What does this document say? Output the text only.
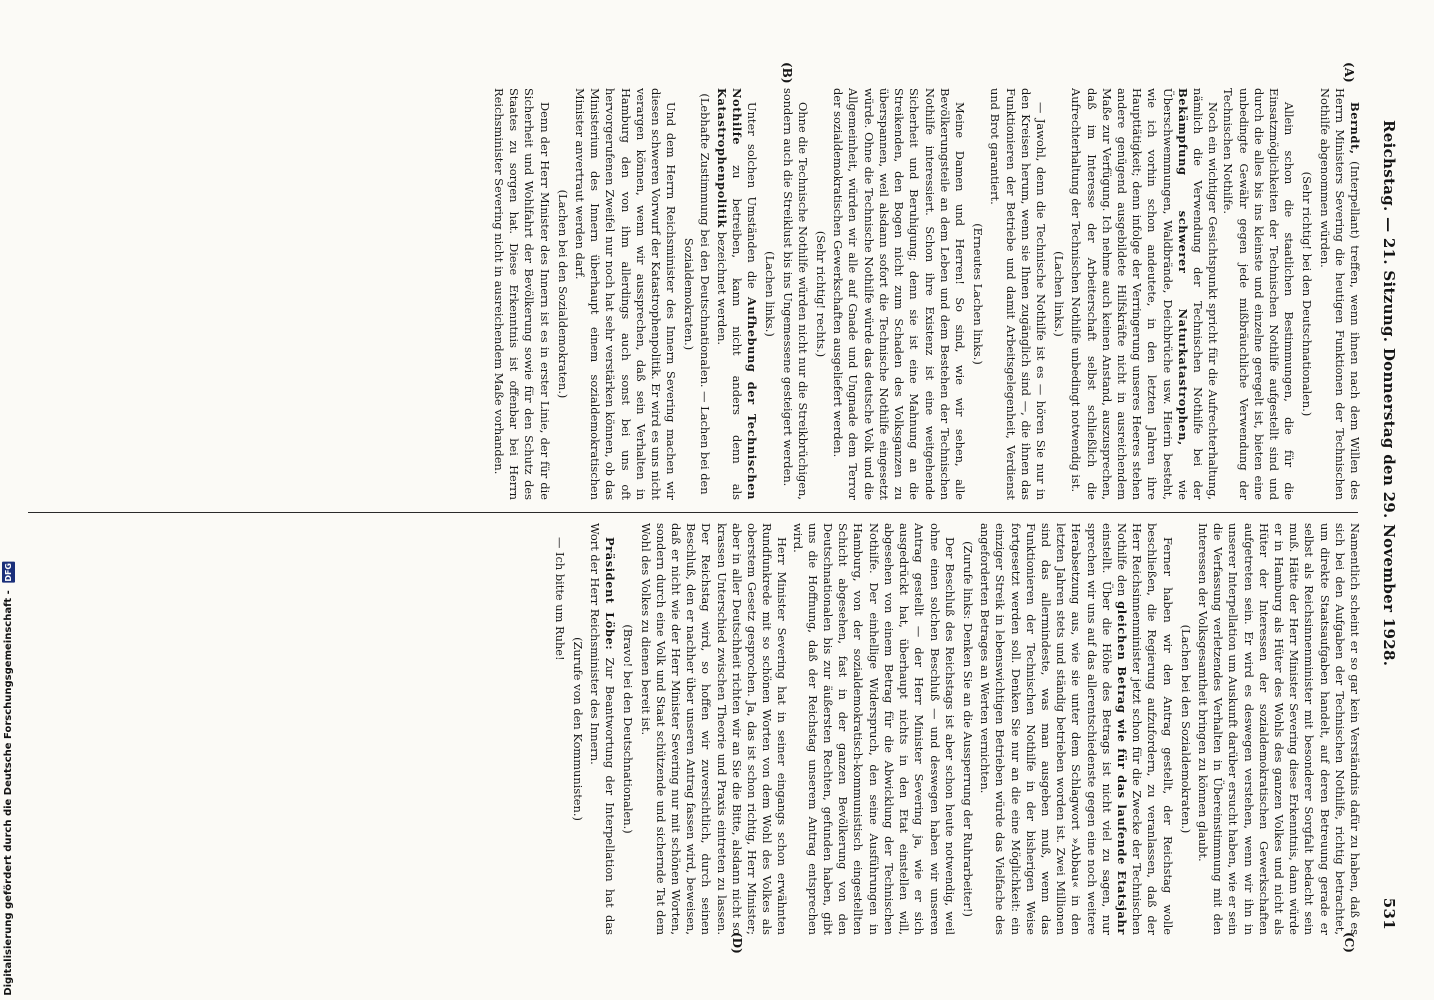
Reichstag. — 21. Sitzung. Donnerstag den 29. November 1928.
531
(A)
(B)
(C)
(D)

Berndt, (Interpellant) treffen, wenn ihnen nach dem Willen des Herrn Ministers Severing die heutigen Funktionen der Technischen Nothilfe abgenommen würden.

(Sehr richtig! bei den Deutschnationalen.)

Allein schon die staatlichen Bestimmungen, die für die Einsatzmöglichkeiten der Technischen Nothilfe aufgestellt sind und durch die alles bis ins kleinste und einzelne geregelt ist, bieten eine unbedingte Gewähr gegen jede mißbräuchliche Verwendung der Technischen Nothilfe.

Noch ein wichtiger Gesichtspunkt spricht für die Aufrechterhaltung, nämlich die Verwendung der Technischen Nothilfe bei der Bekämpfung schwerer Naturkatastrophen, wie Überschwemmungen, Waldbrände, Deichbrüche usw. Hierin besteht, wie ich vorhin schon andeutete, in den letzten Jahren ihre Haupttätigkeit; denn infolge der Verringerung unseres Heeres stehen andere genügend ausgebildete Hilfskräfte nicht in ausreichendem Maße zur Verfügung. Ich nehme auch keinen Anstand, auszusprechen, daß im Interesse der Arbeiterschaft selbst schließlich die Aufrechterhaltung der Technischen Nothilfe unbedingt notwendig ist.

(Lachen links.)

— Jawohl, denn die Technische Nothilfe ist es — hören Sie nur in den Kreisen herum, wenn sie Ihnen zugänglich sind —, die ihnen das Funktionieren der Betriebe und damit Arbeitsgelegenheit, Verdienst und Brot garantiert.

(Erneutes Lachen links.)

Meine Damen und Herren! So sind, wie wir sehen, alle Bevölkerungsteile an dem Leben und dem Bestehen der Technischen Nothilfe interessiert. Schon ihre Existenz ist eine weitgehende Sicherheit und Beruhigung; denn sie ist eine Mahnung an die Streikenden, den Bogen nicht zum Schaden des Volksganzen zu überspannen, weil alsdann sofort die Technische Nothilfe eingesetzt würde. Ohne die Technische Nothilfe würde das deutsche Volk und die Allgemeinheit, würden wir alle auf Gnade und Ungnade dem Terror der sozialdemokratischen Gewerkschaften ausgeliefert werden.

(Sehr richtig! rechts.)

Ohne die Technische Nothilfe würden nicht nur die Streikbrüchigen, sondern auch die Streiklust bis ins Ungemessene gesteigert werden.

(Lachen links.)

Unter solchen Umständen die Aufhebung der Technischen Nothilfe zu betreiben, kann nicht anders denn als Katastrophenpolitik bezeichnet werden.

(Lebhafte Zustimmung bei den Deutschnationalen. — Lachen bei den Sozialdemokraten.)

Und dem Herrn Reichsminister des Innern Severing machen wir diesen schweren Vorwurf der Katastrophenpolitik. Er wird es uns nicht verargen können, wenn wir aussprechen, daß sein Verhalten in Hamburg den von ihm allerdings auch sonst bei uns oft hervorgerufenen Zweifel nur noch hat sehr verstärken können, ob das Ministerium des Innern überhaupt einem sozialdemokratischen Minister anvertraut werden darf.

(Lachen bei den Sozialdemokraten.)

Denn der Herr Minister des Innern ist es in erster Linie, der für die Sicherheit und Wohlfahrt der Bevölkerung sowie für den Schutz des Staates zu sorgen hat. Diese Erkenntnis ist offenbar bei Herrn Reichsminister Severing nicht in ausreichendem Maße vorhanden.

Namentlich scheint er so gar kein Verständnis dafür zu haben, daß es sich bei den Aufgaben der Technischen Nothilfe, richtig betrachtet, um direkte Staatsaufgaben handelt, auf deren Betreuung gerade er selbst als Reichsinnenminister mit besonderer Sorgfalt bedacht sein muß. Hätte der Herr Minister Severing diese Erkenntnis, dann würde er in Hamburg als Hüter des Wohls des ganzen Volkes und nicht als Hüter der Interessen der sozialdemokratischen Gewerkschaften aufgetreten sein. Er wird es deswegen verstehen, wenn wir ihn in unserer Interpellation um Auskunft darüber ersucht haben, wie er sein die Verfassung verletzendes Verhalten in Übereinstimmung mit den Interessen der Volksgesamtheit bringen zu können glaubt.

(Lachen bei den Sozialdemokraten.)

Ferner haben wir den Antrag gestellt, der Reichstag wolle beschließen, die Regierung aufzufordern, zu veranlassen, daß der Herr Reichsinnenminister jetzt schon für die Zwecke der Technischen Nothilfe den gleichen Betrag wie für das laufende Etatsjahr einstellt. Über die Höhe des Betrags ist nicht viel zu sagen, nur sprechen wir uns auf das allerentschiedenste gegen eine noch weitere Herabsetzung aus, wie sie unter dem Schlagwort »Abbau« in den letzten Jahren stets und ständig betrieben worden ist. Zwei Millionen sind das allermindeste, was man ausgeben muß, wenn das Funktionieren der Technischen Nothilfe in der bisherigen Weise fortgesetzt werden soll. Denken Sie nur an die eine Möglichkeit: ein einziger Streik in lebenswichtigen Betrieben würde das Vielfache des angeforderten Betrages an Werten vernichten.

(Zurufe links: Denken Sie an die Aussperrung der Ruhrarbeiter!)

Der Beschluß des Reichstags ist aber schon heute notwendig, weil ohne einen solchen Beschluß — und deswegen haben wir unseren Antrag gestellt — der Herr Minister Severing ja, wie er sich ausgedrückt hat, überhaupt nichts in den Etat einstellen will, abgesehen von einem Betrag für die Abwicklung der Technischen Nothilfe. Der einhellige Widerspruch, den seine Ausführungen in Hamburg, von der sozialdemokratisch-kommunistisch eingestellten Schicht abgesehen, fast in der ganzen Bevölkerung von den Deutschnationalen bis zur äußersten Rechten, gefunden haben, gibt uns die Hoffnung, daß der Reichstag unserem Antrag entsprechen wird.

Herr Minister Severing hat in seiner eingangs schon erwähnten Rundfunkrede mit so schönen Worten von dem Wohl des Volkes als oberstem Gesetz gesprochen. Ja, das ist schon richtig, Herr Minister; aber in aller Deutschheit richten wir an Sie die Bitte, alsdann nicht so krassen Unterschied zwischen Theorie und Praxis eintreten zu lassen. Der Reichstag wird, so hoffen wir zuversichtlich, durch seinen Beschluß, den er nachher über unseren Antrag fassen wird, beweisen, daß er nicht wie der Herr Minister Severing nur mit schönen Worten, sondern durch eine Volk und Staat schützende und sichernde Tat dem Wohl des Volkes zu dienen bereit ist.

(Bravo! bei den Deutschnationalen.)

Präsident Löbe: Zur Beantwortung der Interpellation hat das Wort der Herr Reichsminister des Innern.

(Zurufe von den Kommunisten.)

— Ich bitte um Ruhe!

Digitalisierung gefördert durch die Deutsche Forschungsgemeinschaft - DFG
